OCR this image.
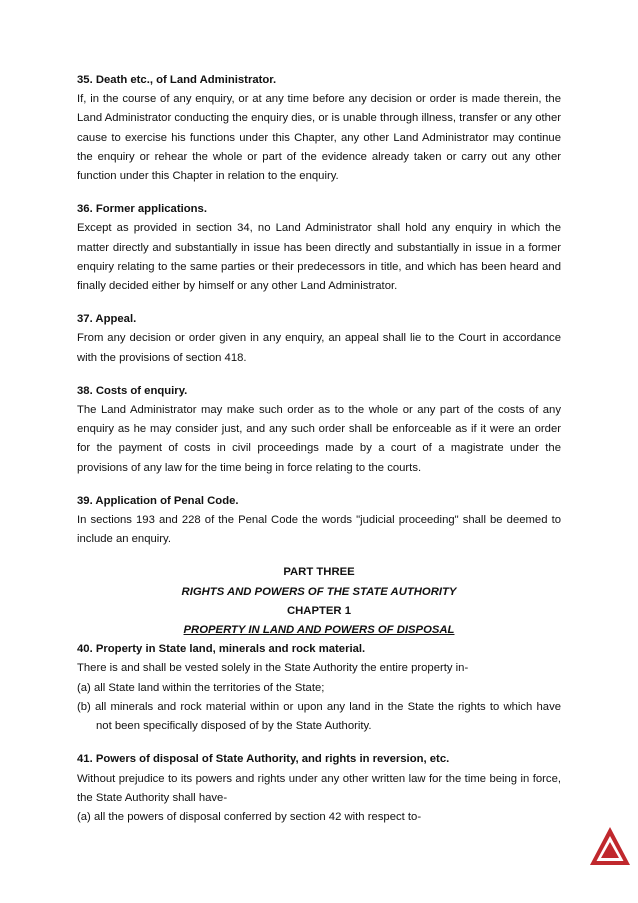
35. Death etc., of Land Administrator.
If, in the course of any enquiry, or at any time before any decision or order is made therein, the Land Administrator conducting the enquiry dies, or is unable through illness, transfer or any other cause to exercise his functions under this Chapter, any other Land Administrator may continue the enquiry or rehear the whole or part of the evidence already taken or carry out any other function under this Chapter in relation to the enquiry.
36. Former applications.
Except as provided in section 34, no Land Administrator shall hold any enquiry in which the matter directly and substantially in issue has been directly and substantially in issue in a former enquiry relating to the same parties or their predecessors in title, and which has been heard and finally decided either by himself or any other Land Administrator.
37. Appeal.
From any decision or order given in any enquiry, an appeal shall lie to the Court in accordance with the provisions of section 418.
38. Costs of enquiry.
The Land Administrator may make such order as to the whole or any part of the costs of any enquiry as he may consider just, and any such order shall be enforceable as if it were an order for the payment of costs in civil proceedings made by a court of a magistrate under the provisions of any law for the time being in force relating to the courts.
39. Application of Penal Code.
In sections 193 and 228 of the Penal Code the words "judicial proceeding" shall be deemed to include an enquiry.
PART THREE
RIGHTS AND POWERS OF THE STATE AUTHORITY
CHAPTER 1
PROPERTY IN LAND AND POWERS OF DISPOSAL
40. Property in State land, minerals and rock material.
There is and shall be vested solely in the State Authority the entire property in-
(a) all State land within the territories of the State;
(b) all minerals and rock material within or upon any land in the State the rights to which have not been specifically disposed of by the State Authority.
41. Powers of disposal of State Authority, and rights in reversion, etc.
Without prejudice to its powers and rights under any other written law for the time being in force, the State Authority shall have-
(a) all the powers of disposal conferred by section 42 with respect to-
